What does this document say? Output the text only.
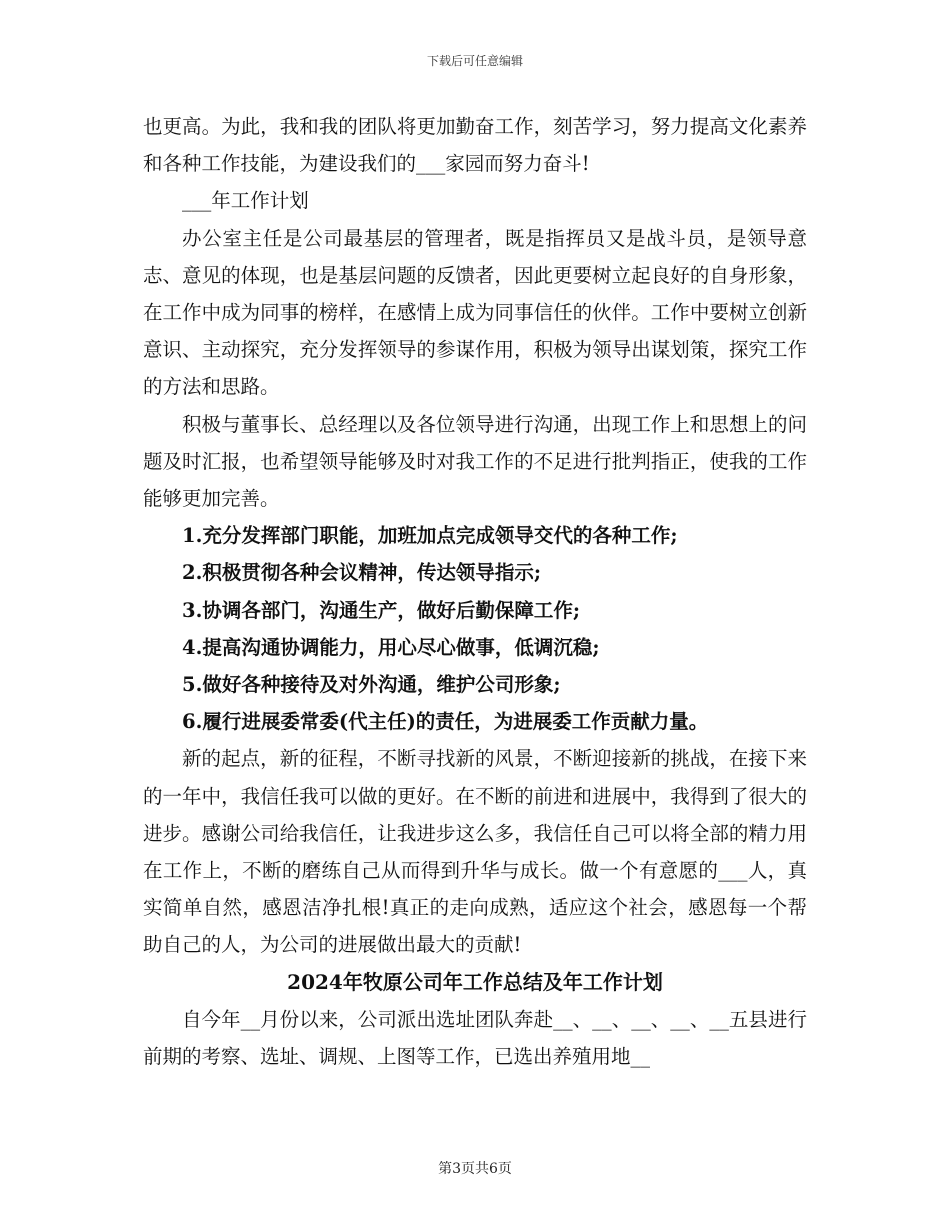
下载后可任意编辑

也更高。为此，我和我的团队将更加勤奋工作，刻苦学习，努力提高文化素养和各种工作技能，为建设我们的___家园而努力奋斗!

___年工作计划

办公室主任是公司最基层的管理者，既是指挥员又是战斗员，是领导意志、意见的体现，也是基层问题的反馈者，因此更要树立起良好的自身形象，在工作中成为同事的榜样，在感情上成为同事信任的伙伴。工作中要树立创新意识、主动探究，充分发挥领导的参谋作用，积极为领导出谋划策，探究工作的方法和思路。

积极与董事长、总经理以及各位领导进行沟通，出现工作上和思想上的问题及时汇报，也希望领导能够及时对我工作的不足进行批判指正，使我的工作能够更加完善。

1.充分发挥部门职能，加班加点完成领导交代的各种工作;

2.积极贯彻各种会议精神，传达领导指示;

3.协调各部门，沟通生产，做好后勤保障工作;

4.提高沟通协调能力，用心尽心做事，低调沉稳;

5.做好各种接待及对外沟通，维护公司形象;

6.履行进展委常委(代主任)的责任，为进展委工作贡献力量。

新的起点，新的征程，不断寻找新的风景，不断迎接新的挑战，在接下来的一年中，我信任我可以做的更好。在不断的前进和进展中，我得到了很大的进步。感谢公司给我信任，让我进步这么多，我信任自己可以将全部的精力用在工作上，不断的磨练自己从而得到升华与成长。做一个有意愿的___人，真实简单自然，感恩洁净扎根!真正的走向成熟，适应这个社会，感恩每一个帮助自己的人，为公司的进展做出最大的贡献!

2024年牧原公司年工作总结及年工作计划

自今年__月份以来，公司派出选址团队奔赴__、__、__、__、__五县进行前期的考察、选址、调规、上图等工作，已选出养殖用地__

第3页共6页
